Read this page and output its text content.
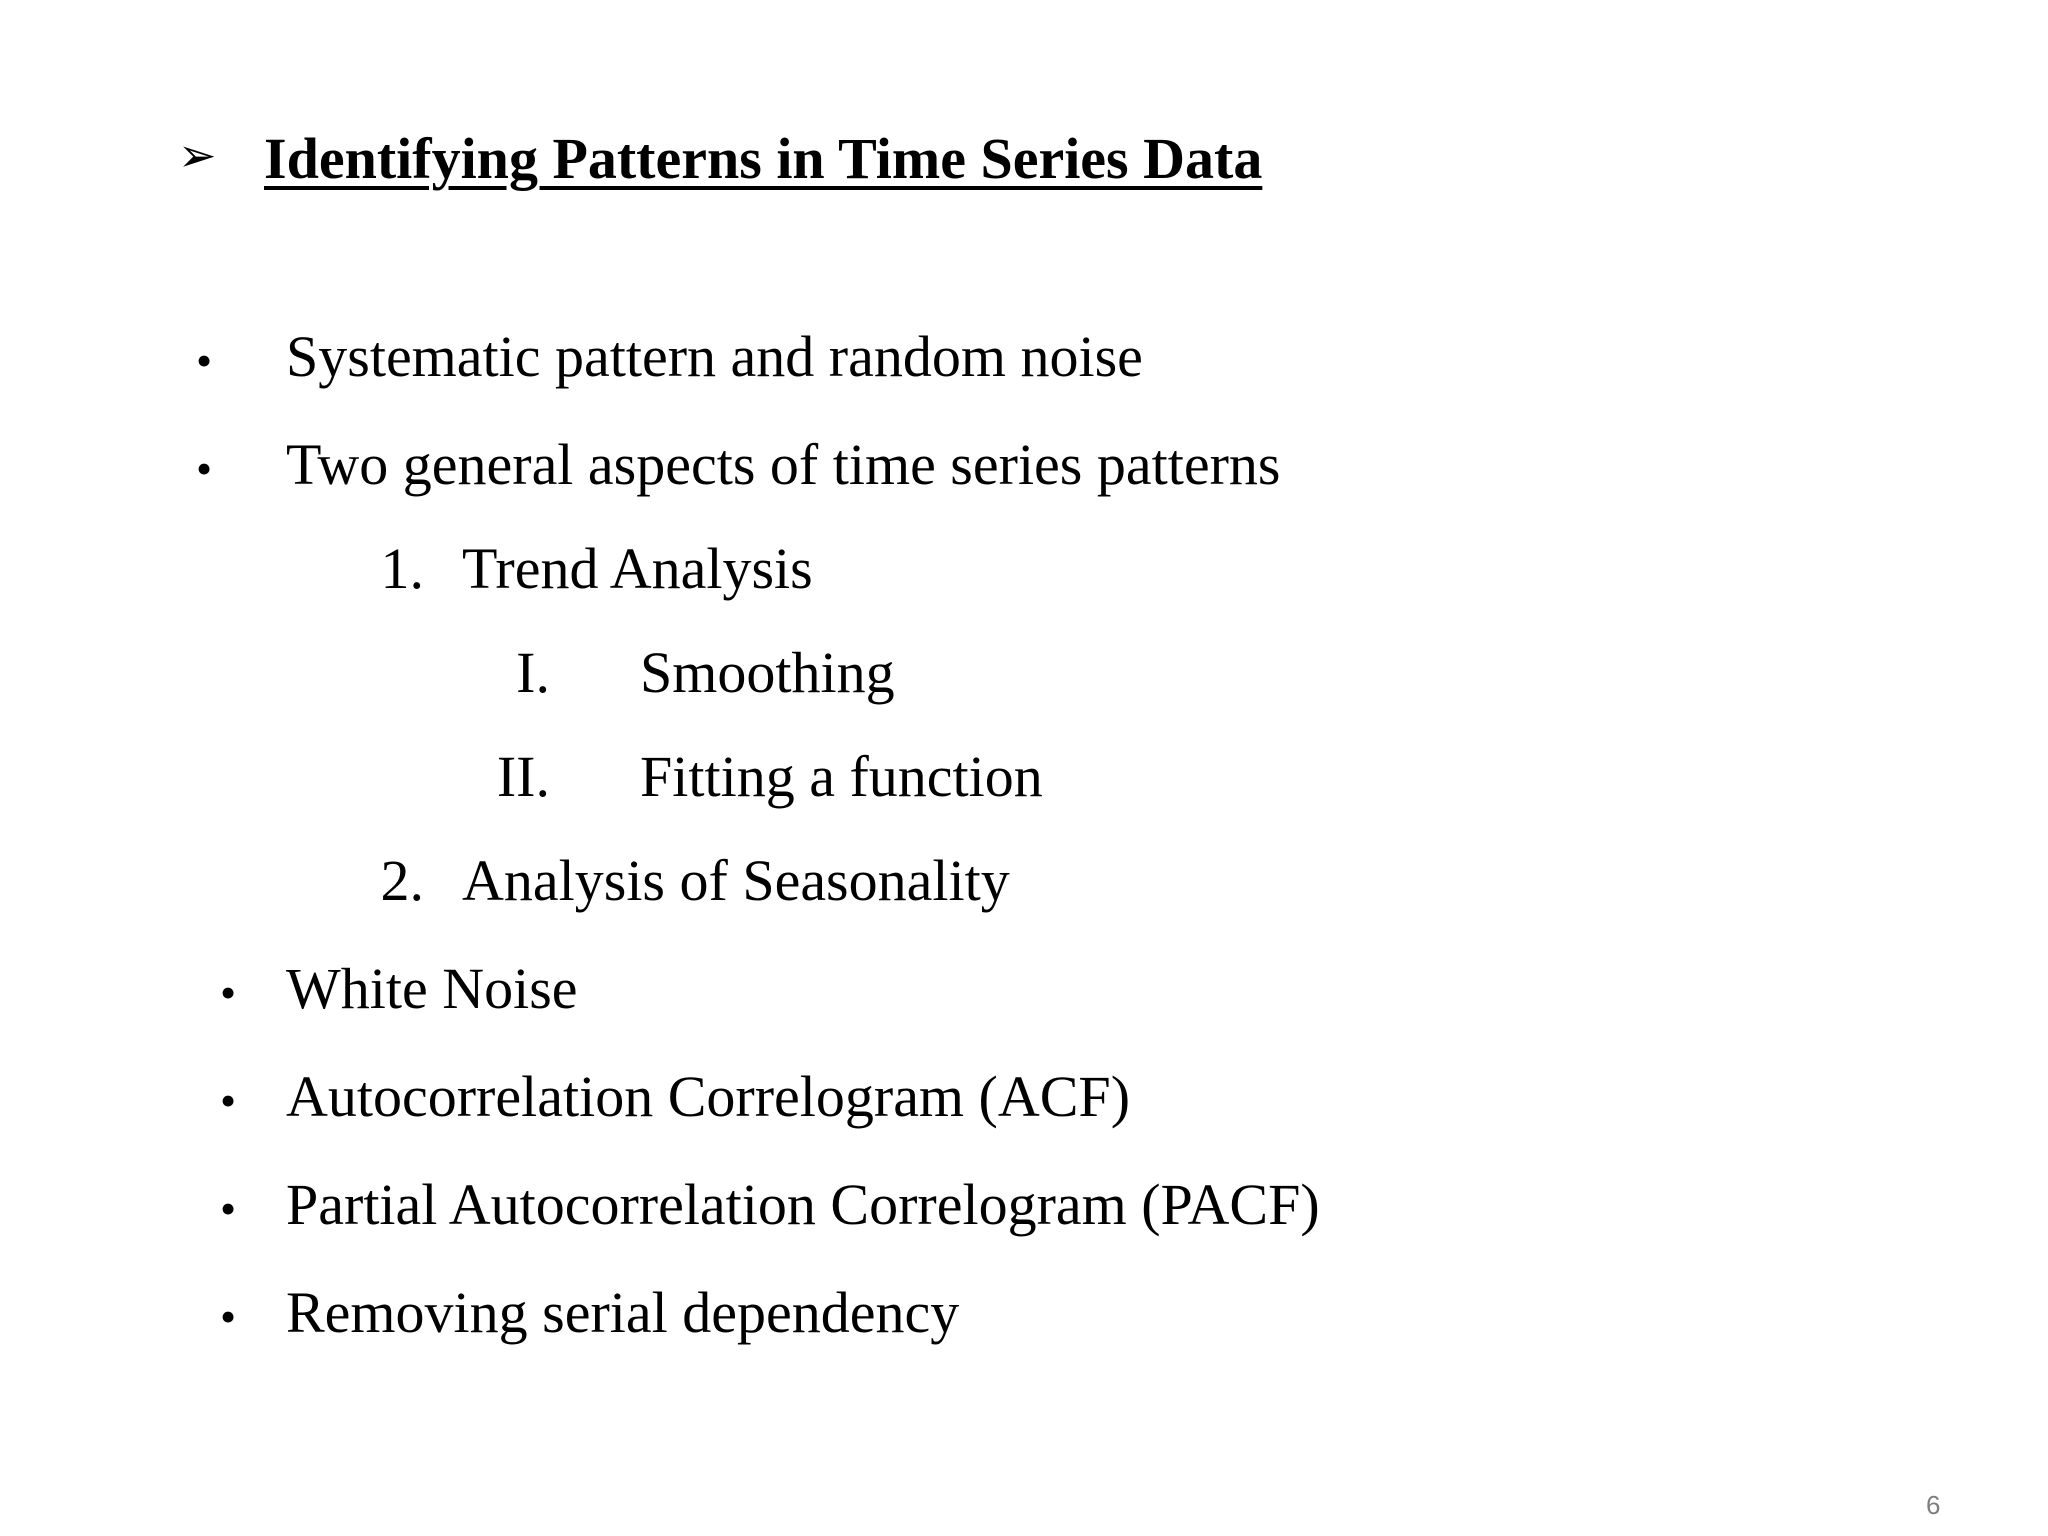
➢ Identifying Patterns in Time Series Data
• Systematic pattern and random noise
• Two general aspects of time series patterns
1. Trend Analysis
I. Smoothing
II. Fitting a function
2. Analysis of Seasonality
• White Noise
• Autocorrelation Correlogram (ACF)
• Partial Autocorrelation Correlogram (PACF)
• Removing serial dependency
6
